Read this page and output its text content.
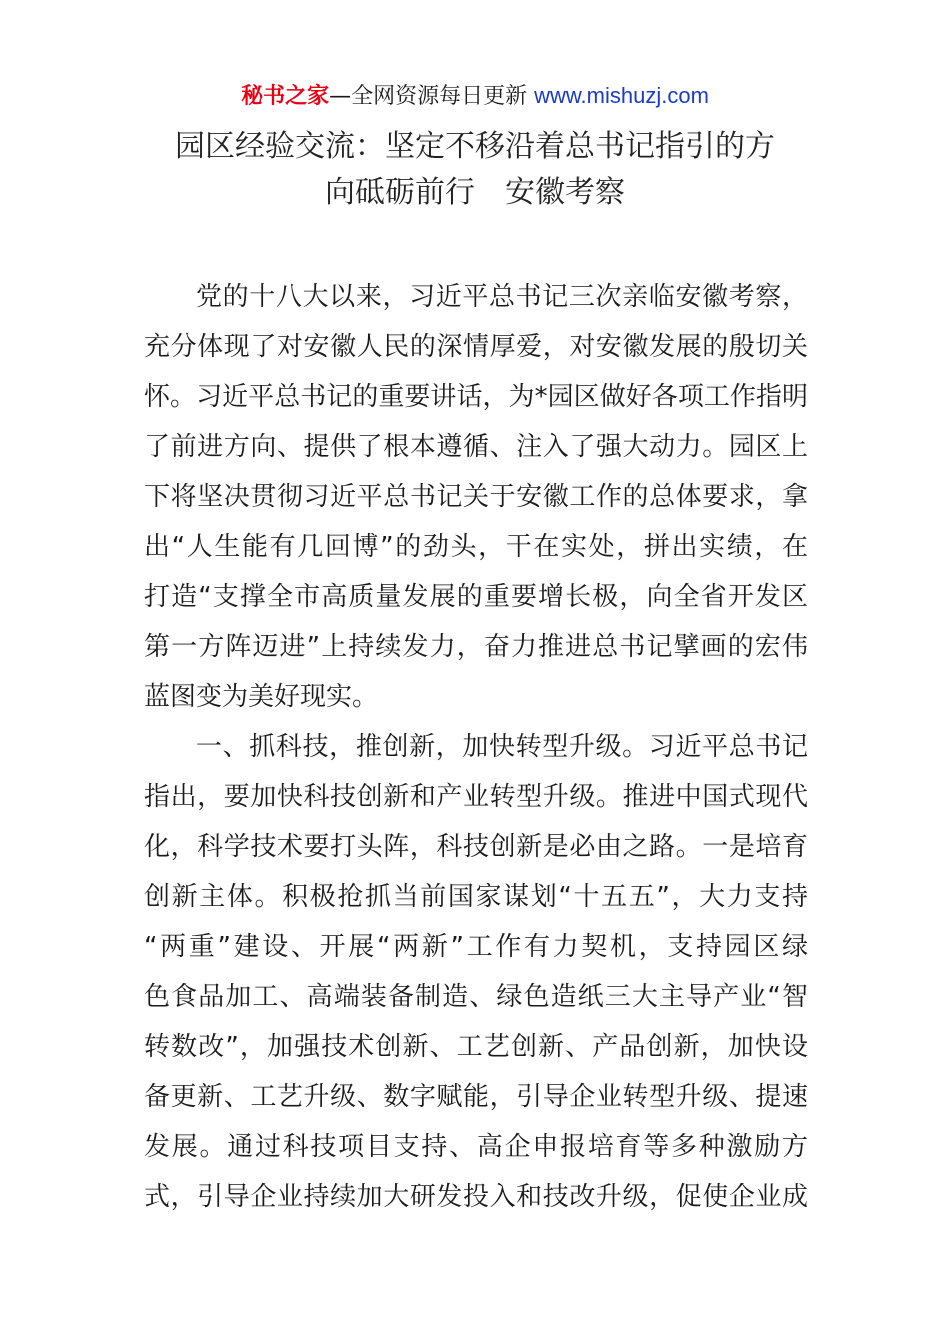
秘书之家—全网资源每日更新 www.mishuzj.com
园区经验交流：坚定不移沿着总书记指引的方
向砥砺前行　安徽考察
党的十八大以来，习近平总书记三次亲临安徽考察，
充分体现了对安徽人民的深情厚爱，对安徽发展的殷切关
怀。习近平总书记的重要讲话，为*园区做好各项工作指明
了前进方向、提供了根本遵循、注入了强大动力。园区上
下将坚决贯彻习近平总书记关于安徽工作的总体要求，拿
出“人生能有几回博”的劲头，干在实处，拼出实绩，在
打造“支撑全市高质量发展的重要增长极，向全省开发区
第一方阵迈进”上持续发力，奋力推进总书记擘画的宏伟
蓝图变为美好现实。
一、抓科技，推创新，加快转型升级。习近平总书记
指出，要加快科技创新和产业转型升级。推进中国式现代
化，科学技术要打头阵，科技创新是必由之路。一是培育
创新主体。积极抢抓当前国家谋划“十五五”，大力支持
“两重”建设、开展“两新”工作有力契机，支持园区绿
色食品加工、高端装备制造、绿色造纸三大主导产业“智
转数改”，加强技术创新、工艺创新、产品创新，加快设
备更新、工艺升级、数字赋能，引导企业转型升级、提速
发展。通过科技项目支持、高企申报培育等多种激励方
式，引导企业持续加大研发投入和技改升级，促使企业成
